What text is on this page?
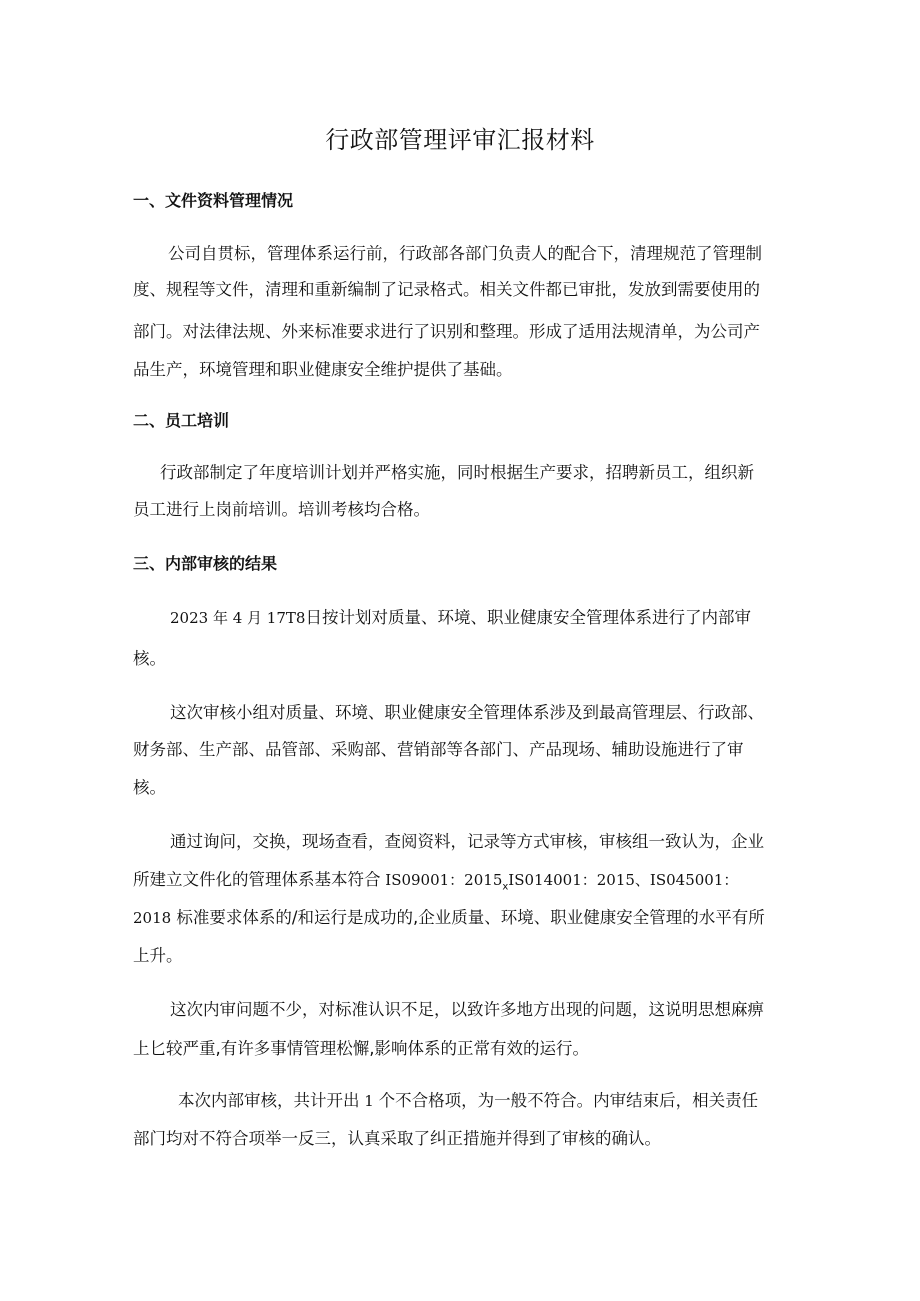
行政部管理评审汇报材料
一、文件资料管理情况

公司自贯标，管理体系运行前，行政部各部门负责人的配合下，清理规范了管理制

度、规程等文件，清理和重新编制了记录格式。相关文件都已审批，发放到需要使用的

部门。对法律法规、外来标准要求进行了识别和整理。形成了适用法规清单，为公司产

品生产，环境管理和职业健康安全维护提供了基础。

二、员工培训

行政部制定了年度培训计划并严格实施，同时根据生产要求，招聘新员工，组织新

员工进行上岗前培训。培训考核均合格。

三、内部审核的结果

2023 年 4 月 17T8日按计划对质量、环境、职业健康安全管理体系进行了内部审

核。

这次审核小组对质量、环境、职业健康安全管理体系涉及到最高管理层、行政部、

财务部、生产部、品管部、采购部、营销部等各部门、产品现场、辅助设施进行了审

核。

通过询问，交换，现场查看，查阅资料，记录等方式审核，审核组一致认为，企业

所建立文件化的管理体系基本符合 IS09001：$2015_xIS014001$：2015、IS045001：

2018 标准要求体系的/和运行是成功的,企业质量、环境、职业健康安全管理的水平有所

上升。

这次内审问题不少，对标准认识不足，以致许多地方出现的问题，这说明思想麻痹

上匕较严重,有许多事情管理松懈,影响体系的正常有效的运行。

本次内部审核，共计开出 1 个不合格项，为一般不符合。内审结束后，相关责任

部门均对不符合项举一反三，认真采取了纠正措施并得到了审核的确认。
